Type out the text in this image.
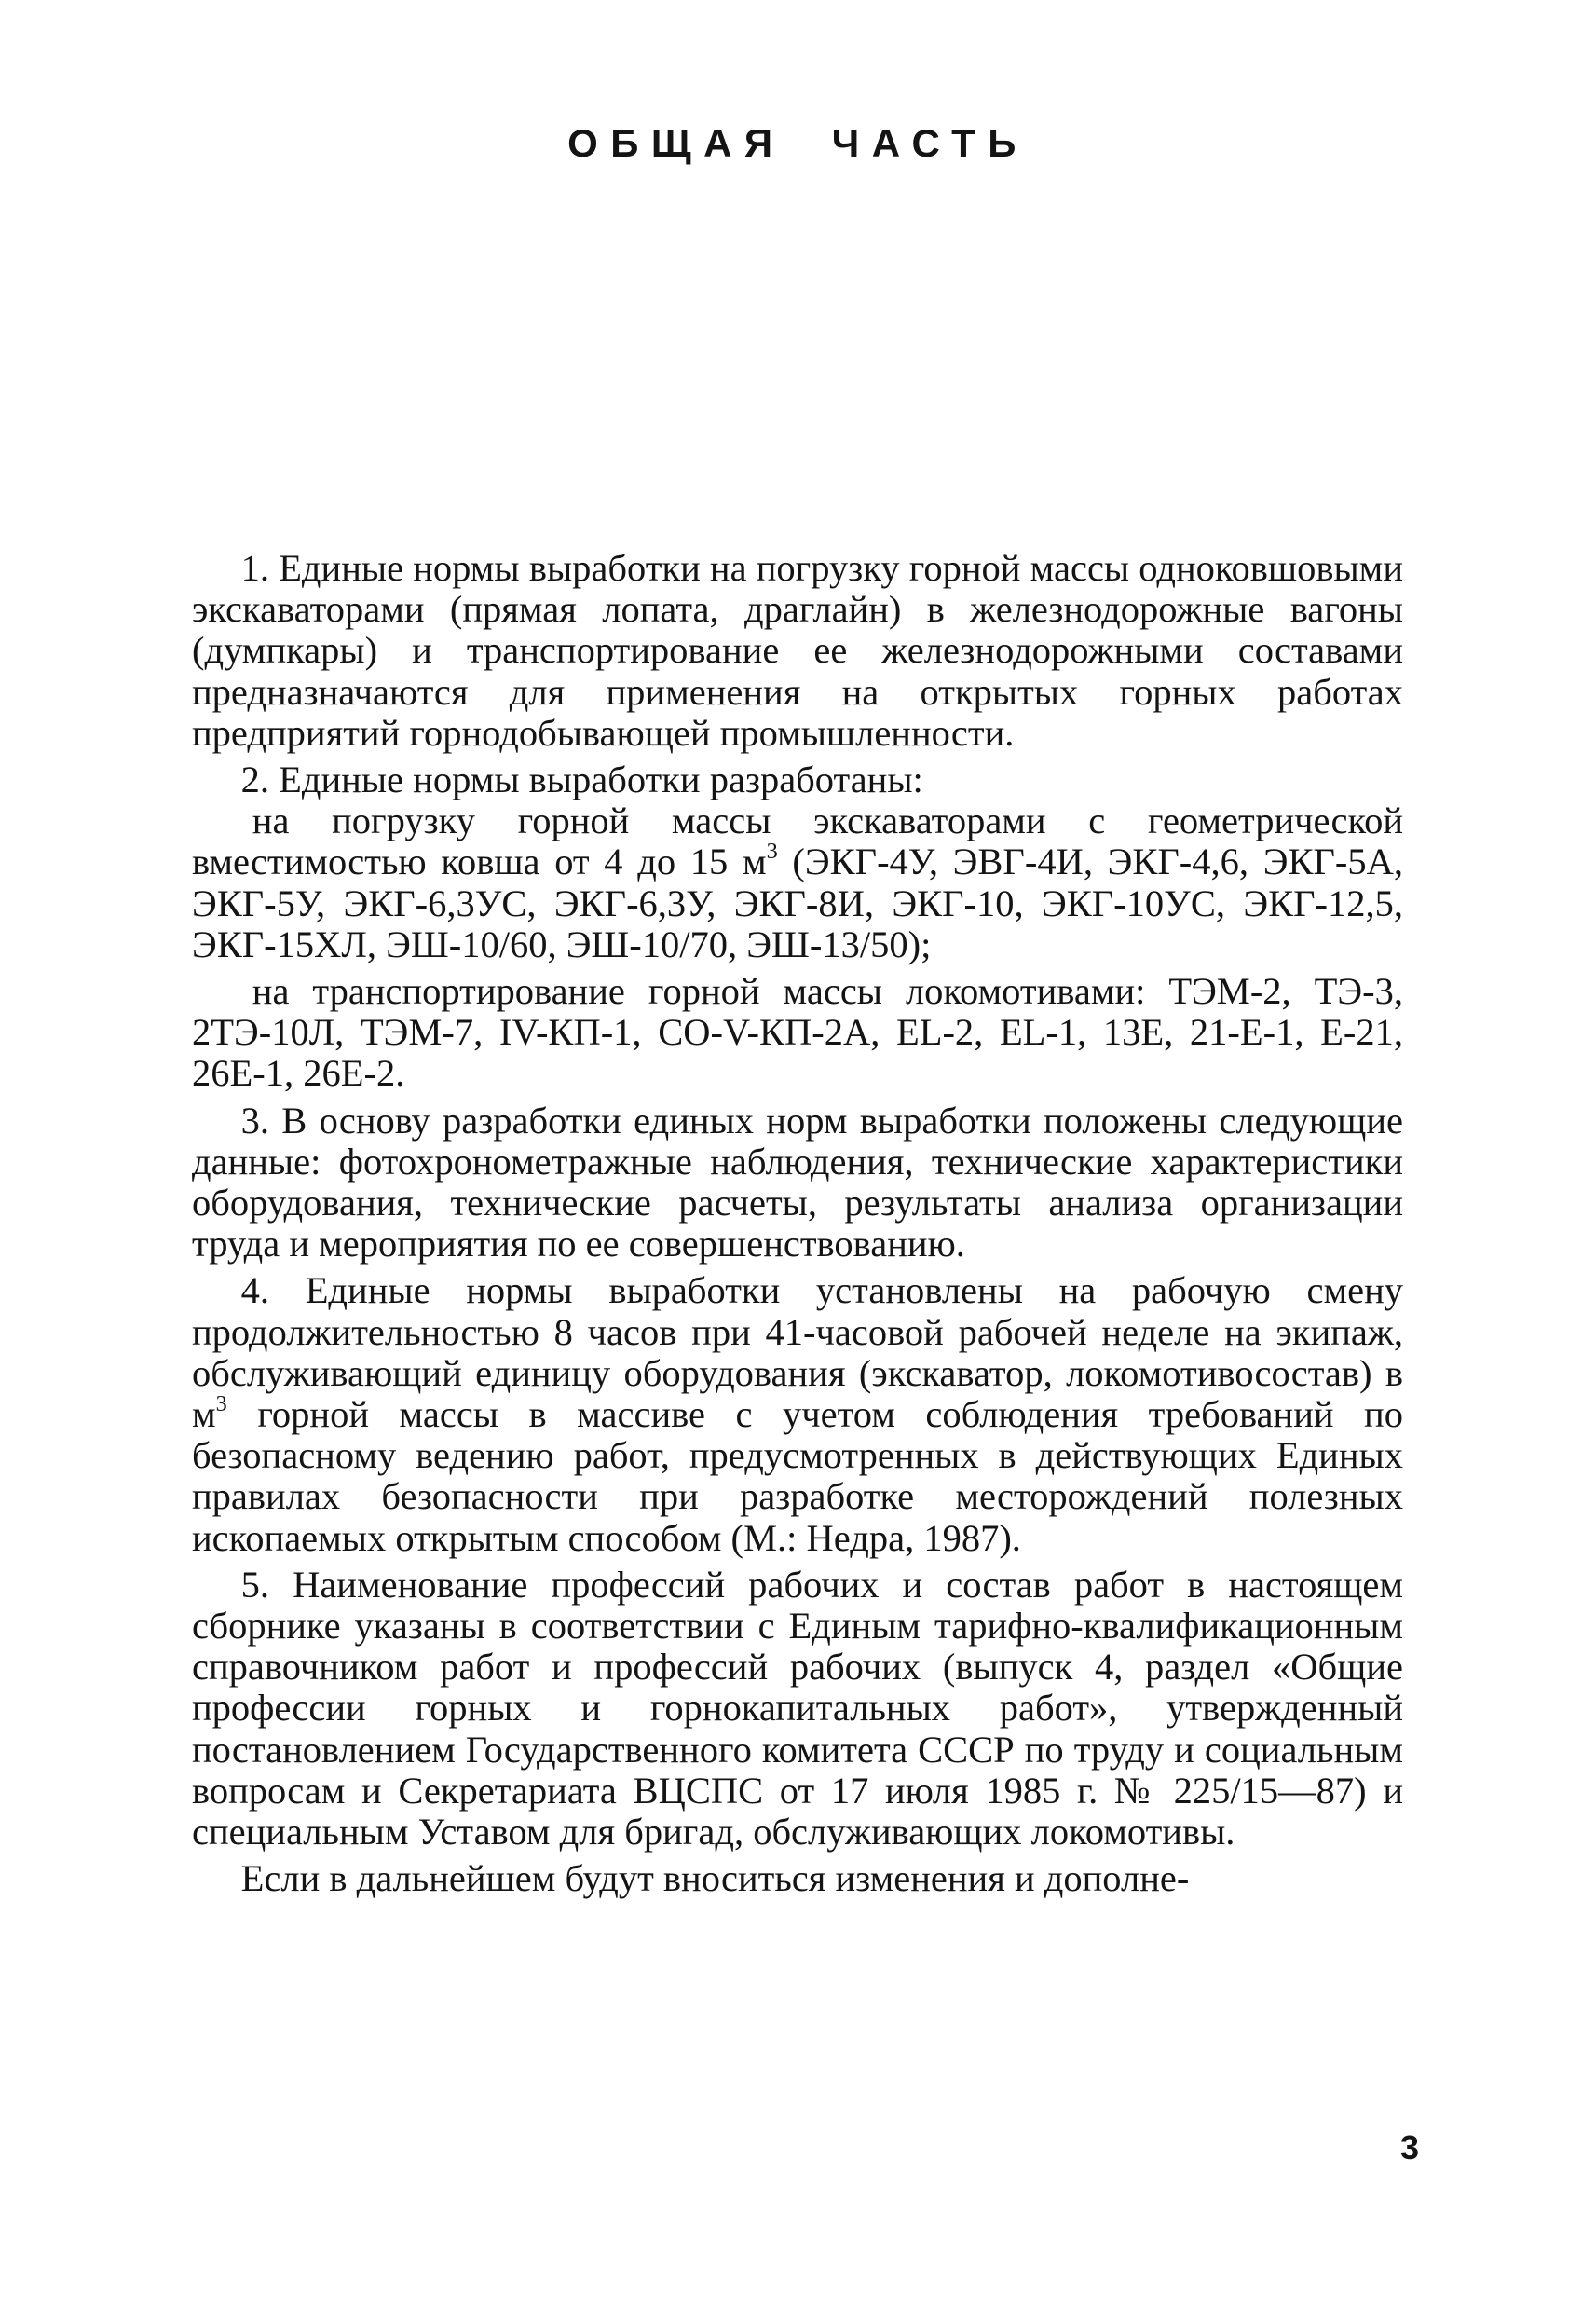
ОБЩАЯ ЧАСТЬ

1. Единые нормы выработки на погрузку горной массы одноковшовыми экскаваторами (прямая лопата, драглайн) в железнодорожные вагоны (думпкары) и транспортирование ее железнодорожными составами предназначаются для применения на открытых горных работах предприятий горнодобывающей промышленности.

2. Единые нормы выработки разработаны:

на погрузку горной массы экскаваторами с геометрической вместимостью ковша от 4 до 15 $м^3$ (ЭКГ-4У, ЭВГ-4И, ЭКГ-4,6, ЭКГ-5А, ЭКГ-5У, ЭКГ-6,3УС, ЭКГ-6,3У, ЭКГ-8И, ЭКГ-10, ЭКГ-10УС, ЭКГ-12,5, ЭКГ-15ХЛ, ЭШ-10/60, ЭШ-10/70, ЭШ-13/50);

на транспортирование горной массы локомотивами: ТЭМ-2, ТЭ-3, 2ТЭ-10Л, ТЭМ-7, IV-КП-1, CO-V-КП-2А, EL-2, EL-1, 13E, 21-E-1, E-21, 26E-1, 26E-2.

3. В основу разработки единых норм выработки положены следующие данные: фотохронометражные наблюдения, технические характеристики оборудования, технические расчеты, результаты анализа организации труда и мероприятия по ее совершенствованию.

4. Единые нормы выработки установлены на рабочую смену продолжительностью 8 часов при 41-часовой рабочей неделе на экипаж, обслуживающий единицу оборудования (экскаватор, локомотивосостав) в $м^3$ горной массы в массиве с учетом соблюдения требований по безопасному ведению работ, предусмотренных в действующих Единых правилах безопасности при разработке месторождений полезных ископаемых открытым способом (М.: Недра, 1987).

5. Наименование профессий рабочих и состав работ в настоящем сборнике указаны в соответствии с Единым тарифно-квалификационным справочником работ и профессий рабочих (выпуск 4, раздел «Общие профессии горных и горнокапитальных работ», утвержденный постановлением Государственного комитета СССР по труду и социальным вопросам и Секретариата ВЦСПС от 17 июля 1985 г. № 225/15—87) и специальным Уставом для бригад, обслуживающих локомотивы.

Если в дальнейшем будут вноситься изменения и дополне-

3
